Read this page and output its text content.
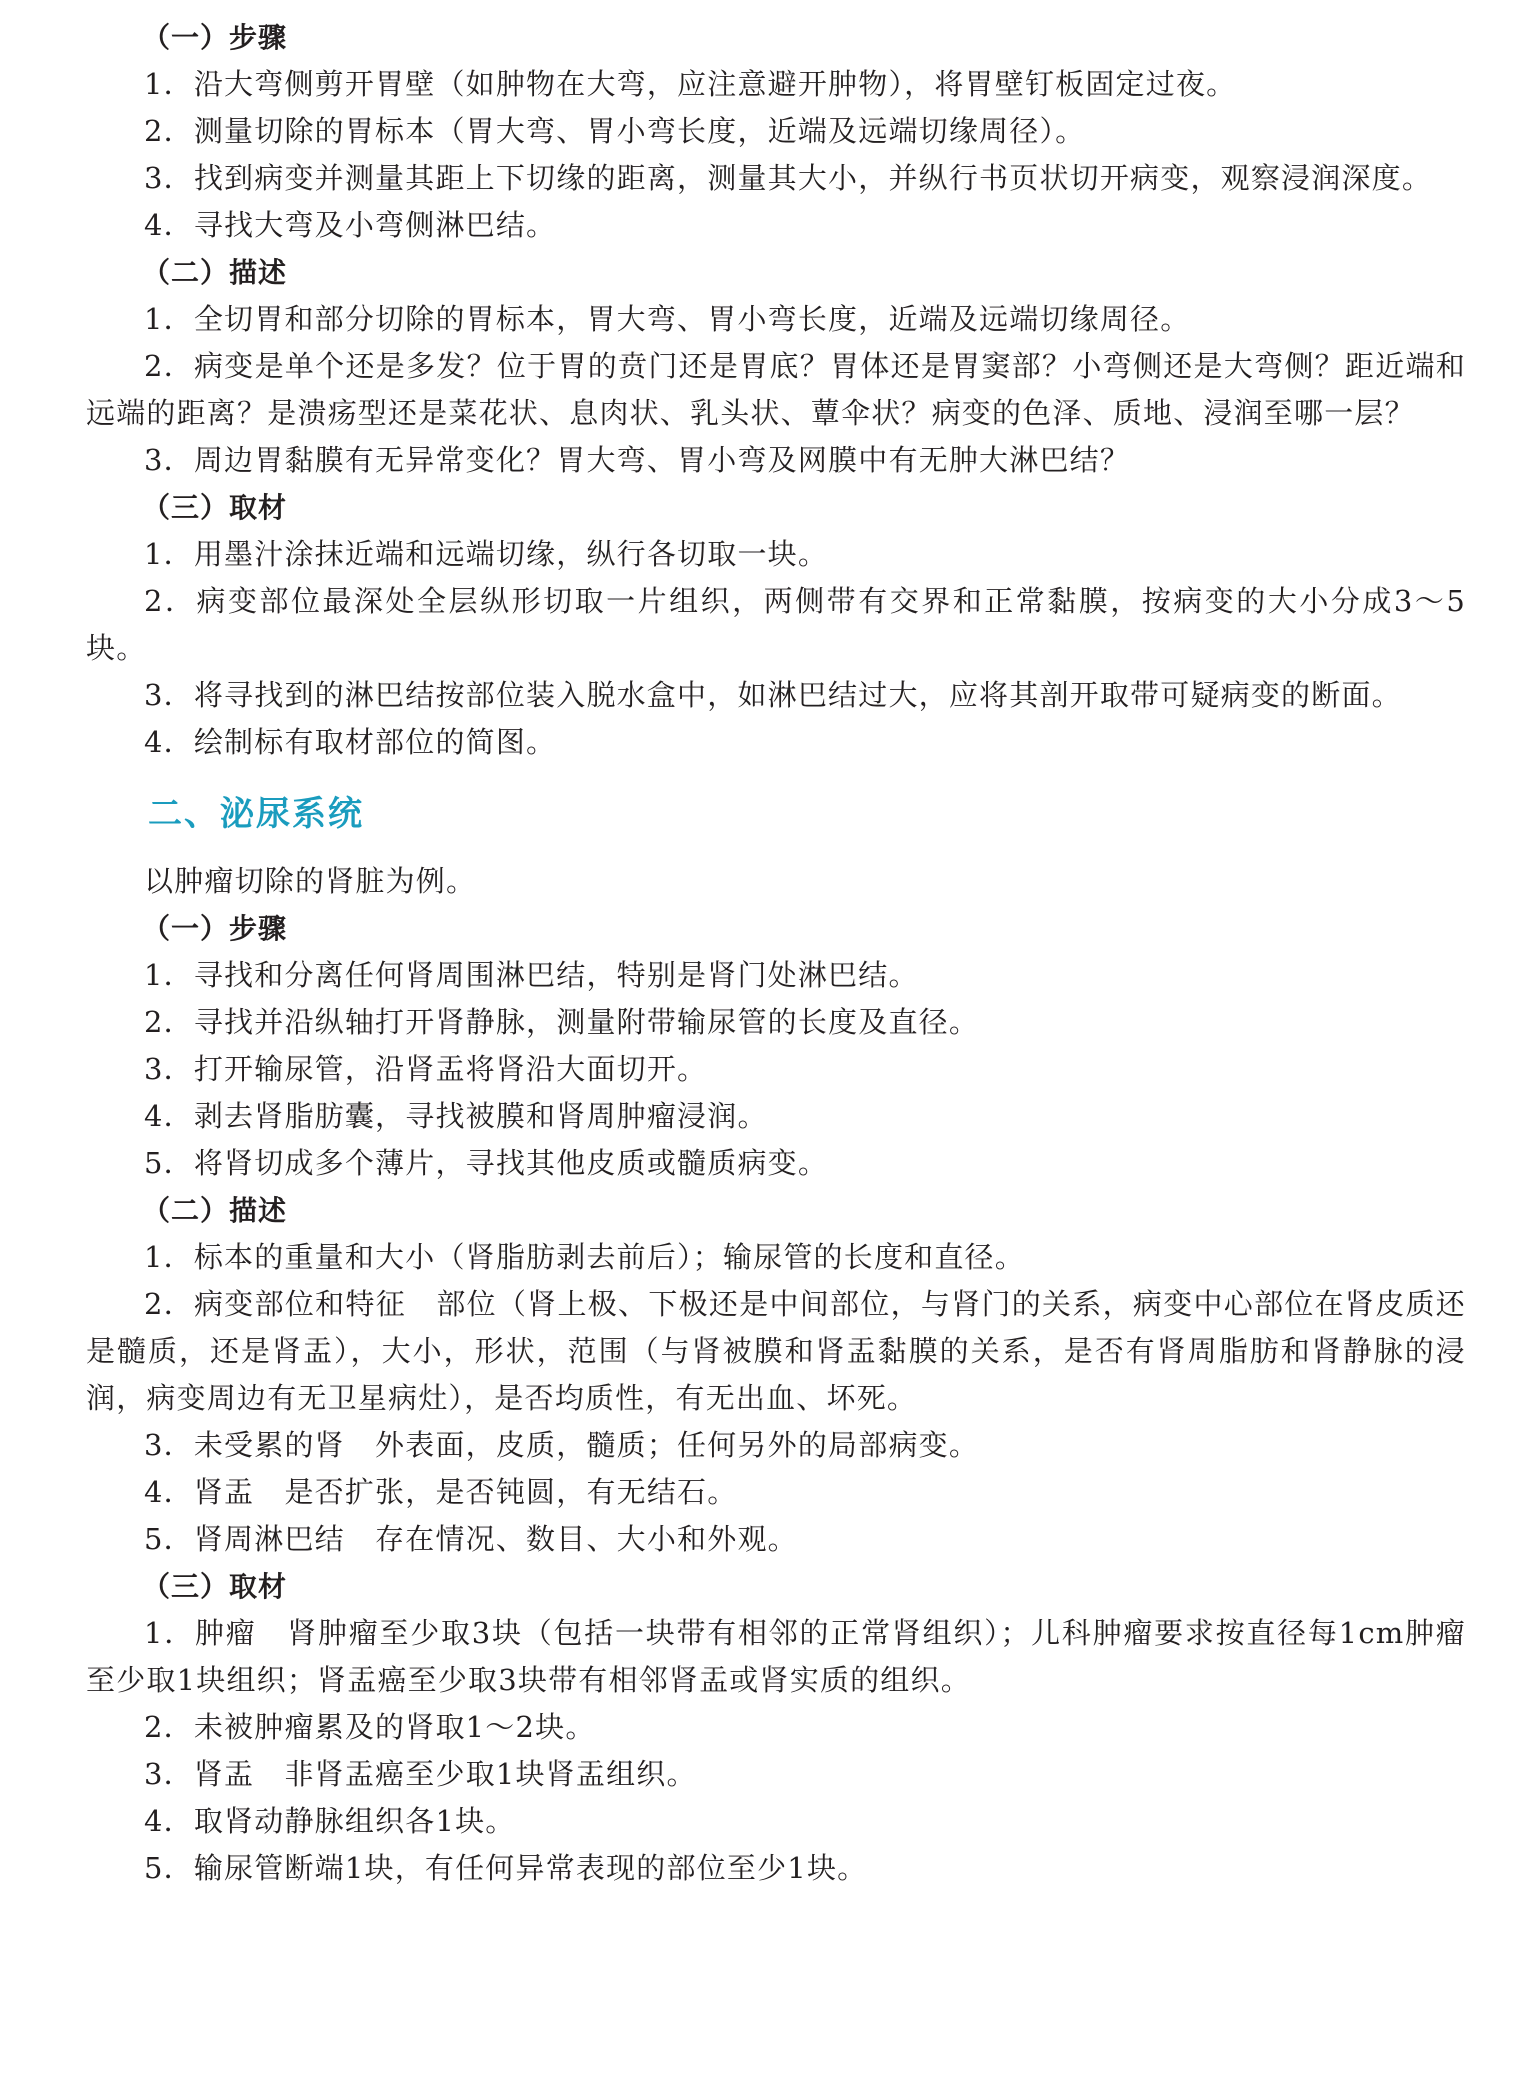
（一）步骤

1．沿大弯侧剪开胃壁（如肿物在大弯，应注意避开肿物），将胃壁钉板固定过夜。

2．测量切除的胃标本（胃大弯、胃小弯长度，近端及远端切缘周径）。

3．找到病变并测量其距上下切缘的距离，测量其大小，并纵行书页状切开病变，观察浸润深度。

4．寻找大弯及小弯侧淋巴结。

（二）描述

1．全切胃和部分切除的胃标本，胃大弯、胃小弯长度，近端及远端切缘周径。

2．病变是单个还是多发？位于胃的贲门还是胃底？胃体还是胃窦部？小弯侧还是大弯侧？距近端和远端的距离？是溃疡型还是菜花状、息肉状、乳头状、蕈伞状？病变的色泽、质地、浸润至哪一层？

3．周边胃黏膜有无异常变化？胃大弯、胃小弯及网膜中有无肿大淋巴结？

（三）取材

1．用墨汁涂抹近端和远端切缘，纵行各切取一块。

2．病变部位最深处全层纵形切取一片组织，两侧带有交界和正常黏膜，按病变的大小分成3～5块。

3．将寻找到的淋巴结按部位装入脱水盒中，如淋巴结过大，应将其剖开取带可疑病变的断面。

4．绘制标有取材部位的简图。

二、泌尿系统

以肿瘤切除的肾脏为例。

（一）步骤

1．寻找和分离任何肾周围淋巴结，特别是肾门处淋巴结。

2．寻找并沿纵轴打开肾静脉，测量附带输尿管的长度及直径。

3．打开输尿管，沿肾盂将肾沿大面切开。

4．剥去肾脂肪囊，寻找被膜和肾周肿瘤浸润。

5．将肾切成多个薄片，寻找其他皮质或髓质病变。

（二）描述

1．标本的重量和大小（肾脂肪剥去前后）；输尿管的长度和直径。

2．病变部位和特征　部位（肾上极、下极还是中间部位，与肾门的关系，病变中心部位在肾皮质还是髓质，还是肾盂），大小，形状，范围（与肾被膜和肾盂黏膜的关系，是否有肾周脂肪和肾静脉的浸润，病变周边有无卫星病灶），是否均质性，有无出血、坏死。

3．未受累的肾　外表面，皮质，髓质；任何另外的局部病变。

4．肾盂　是否扩张，是否钝圆，有无结石。

5．肾周淋巴结　存在情况、数目、大小和外观。

（三）取材

1．肿瘤　肾肿瘤至少取3块（包括一块带有相邻的正常肾组织）；儿科肿瘤要求按直径每1cm肿瘤至少取1块组织；肾盂癌至少取3块带有相邻肾盂或肾实质的组织。

2．未被肿瘤累及的肾取1～2块。

3．肾盂　非肾盂癌至少取1块肾盂组织。

4．取肾动静脉组织各1块。

5．输尿管断端1块，有任何异常表现的部位至少1块。
